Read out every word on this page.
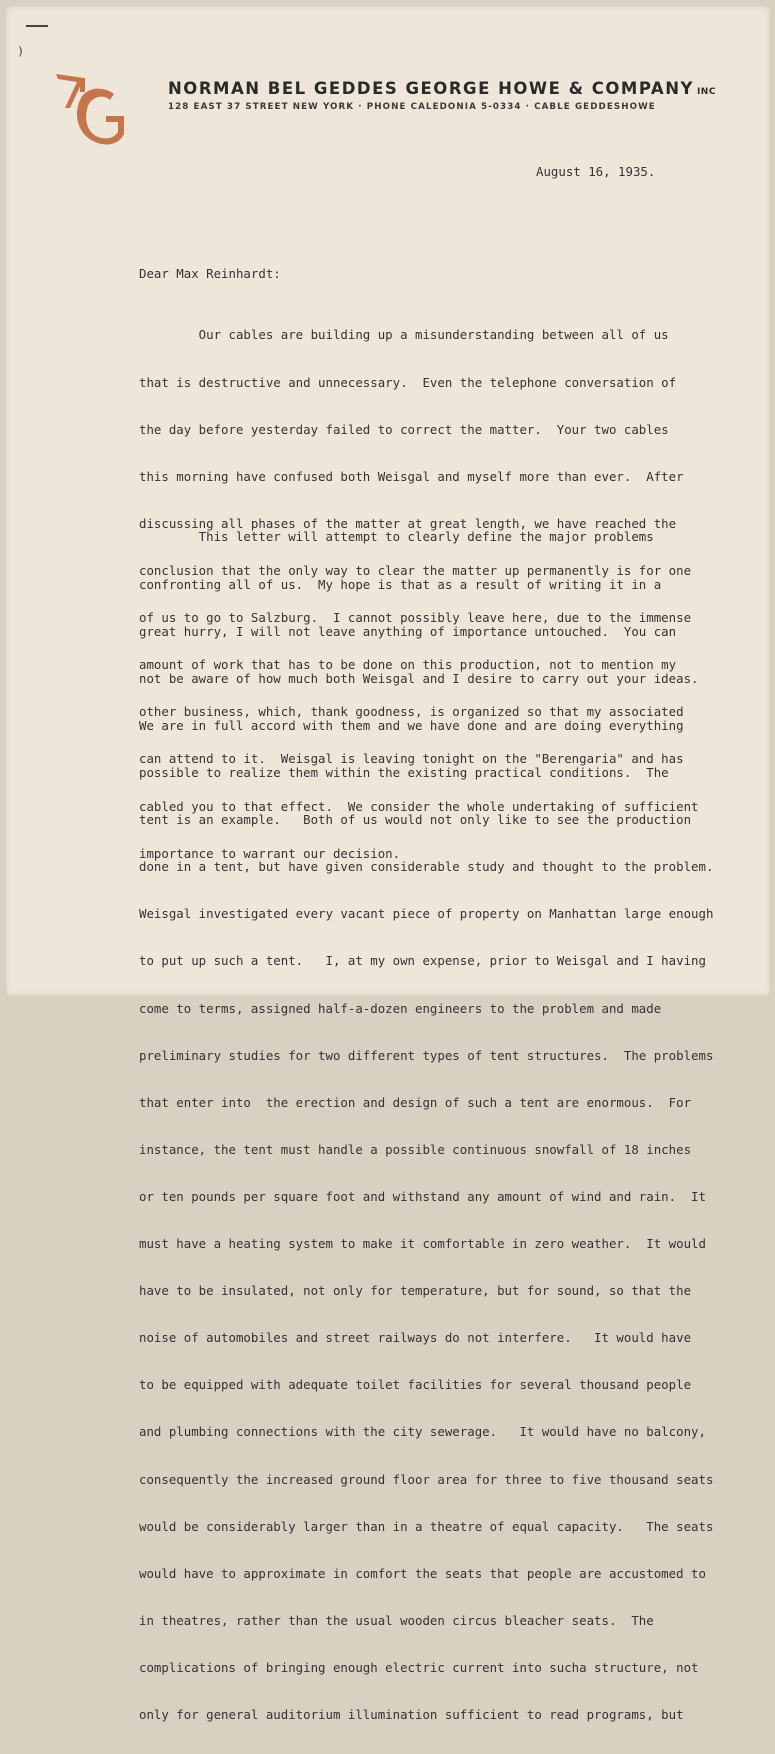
)
NORMAN BEL GEDDES GEORGE HOWE & COMPANY INC
128 EAST 37 STREET NEW YORK · PHONE CALEDONIA 5-0334 · CABLE GEDDESHOWE
August 16, 1935.
Dear Max Reinhardt:

Our cables are building up a misunderstanding between all of us

that is destructive and unnecessary.  Even the telephone conversation of

the day before yesterday failed to correct the matter.  Your two cables

this morning have confused both Weisgal and myself more than ever.  After

discussing all phases of the matter at great length, we have reached the

conclusion that the only way to clear the matter up permanently is for one

of us to go to Salzburg.  I cannot possibly leave here, due to the immense

amount of work that has to be done on this production, not to mention my

other business, which, thank goodness, is organized so that my associated

can attend to it.  Weisgal is leaving tonight on the "Berengaria" and has

cabled you to that effect.  We consider the whole undertaking of sufficient

importance to warrant our decision.

This letter will attempt to clearly define the major problems

confronting all of us.  My hope is that as a result of writing it in a

great hurry, I will not leave anything of importance untouched.  You can

not be aware of how much both Weisgal and I desire to carry out your ideas.

We are in full accord with them and we have done and are doing everything

possible to realize them within the existing practical conditions.  The

tent is an example.   Both of us would not only like to see the production

done in a tent, but have given considerable study and thought to the problem.

Weisgal investigated every vacant piece of property on Manhattan large enough

to put up such a tent.   I, at my own expense, prior to Weisgal and I having

come to terms, assigned half-a-dozen engineers to the problem and made

preliminary studies for two different types of tent structures.  The problems

that enter into  the erection and design of such a tent are enormous.  For

instance, the tent must handle a possible continuous snowfall of 18 inches

or ten pounds per square foot and withstand any amount of wind and rain.  It

must have a heating system to make it comfortable in zero weather.  It would

have to be insulated, not only for temperature, but for sound, so that the

noise of automobiles and street railways do not interfere.   It would have

to be equipped with adequate toilet facilities for several thousand people

and plumbing connections with the city sewerage.   It would have no balcony,

consequently the increased ground floor area for three to five thousand seats

would be considerably larger than in a theatre of equal capacity.   The seats

would have to approximate in comfort the seats that people are accustomed to

in theatres, rather than the usual wooden circus bleacher seats.  The

complications of bringing enough electric current into sucha structure, not

only for general auditorium illumination sufficient to read programs, but
